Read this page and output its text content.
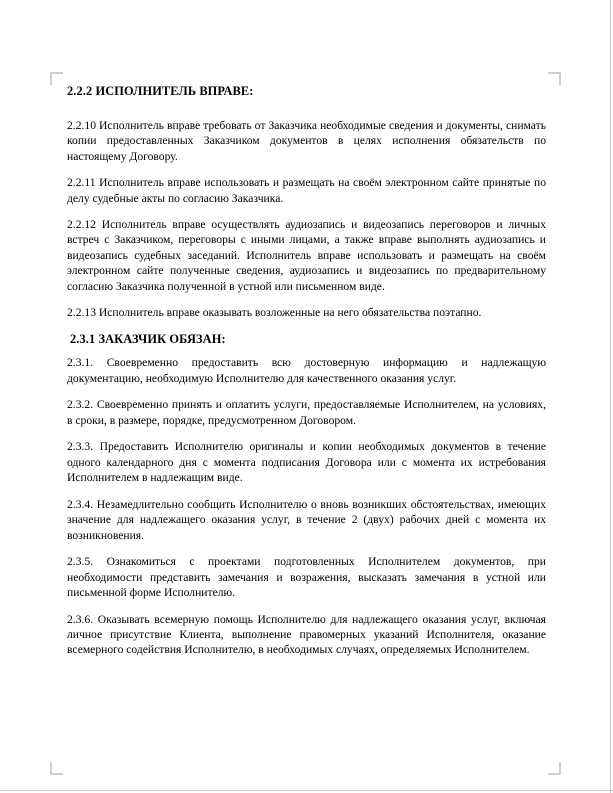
2.2.2 ИСПОЛНИТЕЛЬ ВПРАВЕ:

2.2.10 Исполнитель вправе требовать от Заказчика необходимые сведения и документы, снимать копии предоставленных Заказчиком документов в целях исполнения обязательств по настоящему Договору.

2.2.11 Исполнитель вправе использовать и размещать на своём электронном сайте принятые по делу судебные акты по согласию Заказчика.

2.2.12 Исполнитель вправе осуществлять аудиозапись и видеозапись переговоров и личных встреч с Заказчиком, переговоры с иными лицами, а также вправе выполнять аудиозапись и видеозапись судебных заседаний. Исполнитель вправе использовать и размещать на своём электронном сайте полученные сведения, аудиозапись и видеозапись по предварительному согласию Заказчика полученной в устной или письменном виде.

2.2.13 Исполнитель вправе оказывать возложенные на него обязательства поэтапно.

2.3.1 ЗАКАЗЧИК ОБЯЗАН:

2.3.1. Своевременно предоставить всю достоверную информацию и надлежащую документацию, необходимую Исполнителю для качественного оказания услуг.

2.3.2. Своевременно принять и оплатить услуги, предоставляемые Исполнителем, на условиях, в сроки, в размере, порядке, предусмотренном Договором.

2.3.3. Предоставить Исполнителю оригиналы и копии необходимых документов в течение одного календарного дня с момента подписания Договора или с момента их истребования Исполнителем в надлежащим виде.

2.3.4. Незамедлительно сообщить Исполнителю о вновь возникших обстоятельствах, имеющих значение для надлежащего оказания услуг, в течение 2 (двух) рабочих дней с момента их возникновения.

2.3.5. Ознакомиться с проектами подготовленных Исполнителем документов, при необходимости представить замечания и возражения, высказать замечания в устной или письменной форме Исполнителю.

2.3.6. Оказывать всемерную помощь Исполнителю для надлежащего оказания услуг, включая личное присутствие Клиента, выполнение правомерных указаний Исполнителя, оказание всемерного содействия Исполнителю, в необходимых случаях, определяемых Исполнителем.
